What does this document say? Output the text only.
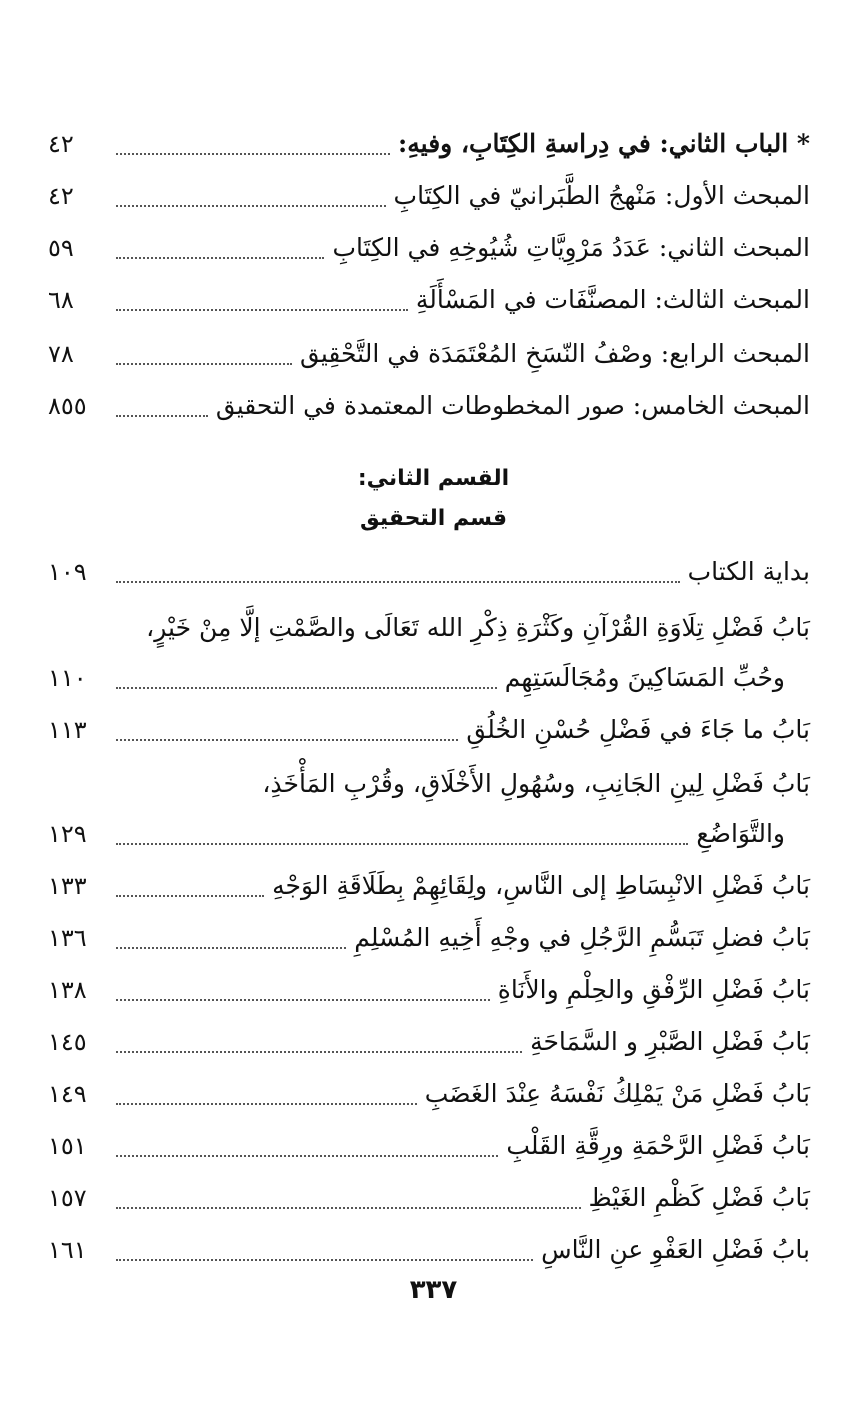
* الباب الثاني: في دِراسةِ الكِتَابِ، وفيهِ:
٤٢
المبحث الأول: مَنْهجُ الطَّبَرانيّ في الكِتَابِ
٤٢
المبحث الثاني: عَدَدُ مَرْوِيَّاتِ شُيُوخِهِ في الكِتَابِ
٥٩
المبحث الثالث: المصنَّفَات في المَسْأَلَةِ
٦٨
المبحث الرابع: وصْفُ النّسَخِ المُعْتَمَدَة في التَّحْقِيق
٧٨
المبحث الخامس: صور المخطوطات المعتمدة في التحقيق
٨٥٥
القسم الثاني:
قسم التحقيق
بداية الكتاب
١٠٩
بَابُ فَضْلِ تِلَاوَةِ القُرْآنِ وكَثْرَةِ ذِكْرِ الله تَعَالَى والصَّمْتِ إلَّا مِنْ خَيْرٍ،
وحُبِّ المَسَاكِينَ ومُجَالَسَتِهِم
١١٠
بَابُ ما جَاءَ في فَضْلِ حُسْنِ الخُلُقِ
١١٣
بَابُ فَضْلِ لِينِ الجَانِبِ، وسُهُولِ الأَخْلَاقِ، وقُرْبِ المَأْخَذِ،
والتَّوَاضُعِ
١٢٩
بَابُ فَضْلِ الانْبِسَاطِ إلى النَّاسِ، ولِقَائِهِمْ بِطَلَاقَةِ الوَجْهِ
١٣٣
بَابُ فضلِ تَبَسُّمِ الرَّجُلِ في وجْهِ أَخِيهِ المُسْلِمِ
١٣٦
بَابُ فَضْلِ الرِّفْقِ والحِلْمِ والأَنَاةِ
١٣٨
بَابُ فَضْلِ الصَّبْرِ و السَّمَاحَةِ
١٤٥
بَابُ فَضْلِ مَنْ يَمْلِكُ نَفْسَهُ عِنْدَ الغَضَبِ
١٤٩
بَابُ فَضْلِ الرَّحْمَةِ ورِقَّةِ القَلْبِ
١٥١
بَابُ فَضْلِ كَظْمِ الغَيْظِ
١٥٧
بابُ فَضْلِ العَفْوِ عنِ النَّاسِ
١٦١
٣٣٧
